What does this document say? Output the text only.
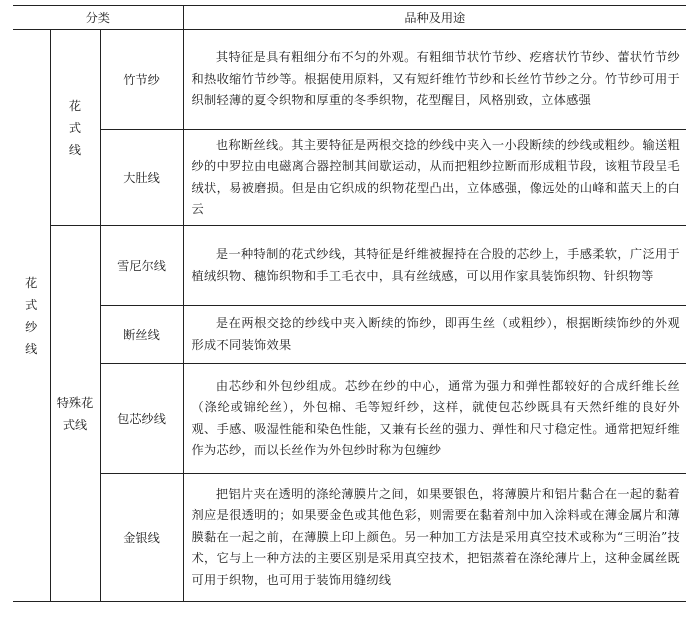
分类			品种及用途
花式纱线	花式线	竹节纱	其特征是具有粗细分布不匀的外观。有粗细节状竹节纱、疙瘩状竹节纱、蕾状竹节纱和热收缩竹节纱等。根据使用原料，又有短纤维竹节纱和长丝竹节纱之分。竹节纱可用于织制轻薄的夏令织物和厚重的冬季织物，花型醒目，风格别致，立体感强

		大肚线	也称断丝线。其主要特征是两根交捻的纱线中夹入一小段断续的纱线或粗纱。输送粗纱的中罗拉由电磁离合器控制其间歇运动，从而把粗纱拉断而形成粗节段，该粗节段呈毛绒状，易被磨损。但是由它织成的织物花型凸出，立体感强，像远处的山峰和蓝天上的白云

	特殊花式线	雪尼尔线	是一种特制的花式纱线，其特征是纤维被握持在合股的芯纱上，手感柔软，广泛用于植绒织物、穗饰织物和手工毛衣中，具有丝绒感，可以用作家具装饰织物、针织物等

		断丝线	是在两根交捻的纱线中夹入断续的饰纱，即再生丝（或粗纱），根据断续饰纱的外观形成不同装饰效果

		包芯纱线	由芯纱和外包纱组成。芯纱在纱的中心，通常为强力和弹性都较好的合成纤维长丝（涤纶或锦纶丝），外包棉、毛等短纤纱，这样，就使包芯纱既具有天然纤维的良好外观、手感、吸湿性能和染色性能，又兼有长丝的强力、弹性和尺寸稳定性。通常把短纤维作为芯纱，而以长丝作为外包纱时称为包缠纱

		金银线	把铝片夹在透明的涤纶薄膜片之间，如果要银色，将薄膜片和铝片黏合在一起的黏着剂应是很透明的；如果要金色或其他色彩，则需要在黏着剂中加入涂料或在薄金属片和薄膜黏在一起之前，在薄膜上印上颜色。另一种加工方法是采用真空技术或称为“三明治”技术，它与上一种方法的主要区别是采用真空技术，把铝蒸着在涤纶薄片上，这种金属丝既可用于织物，也可用于装饰用缝纫线
